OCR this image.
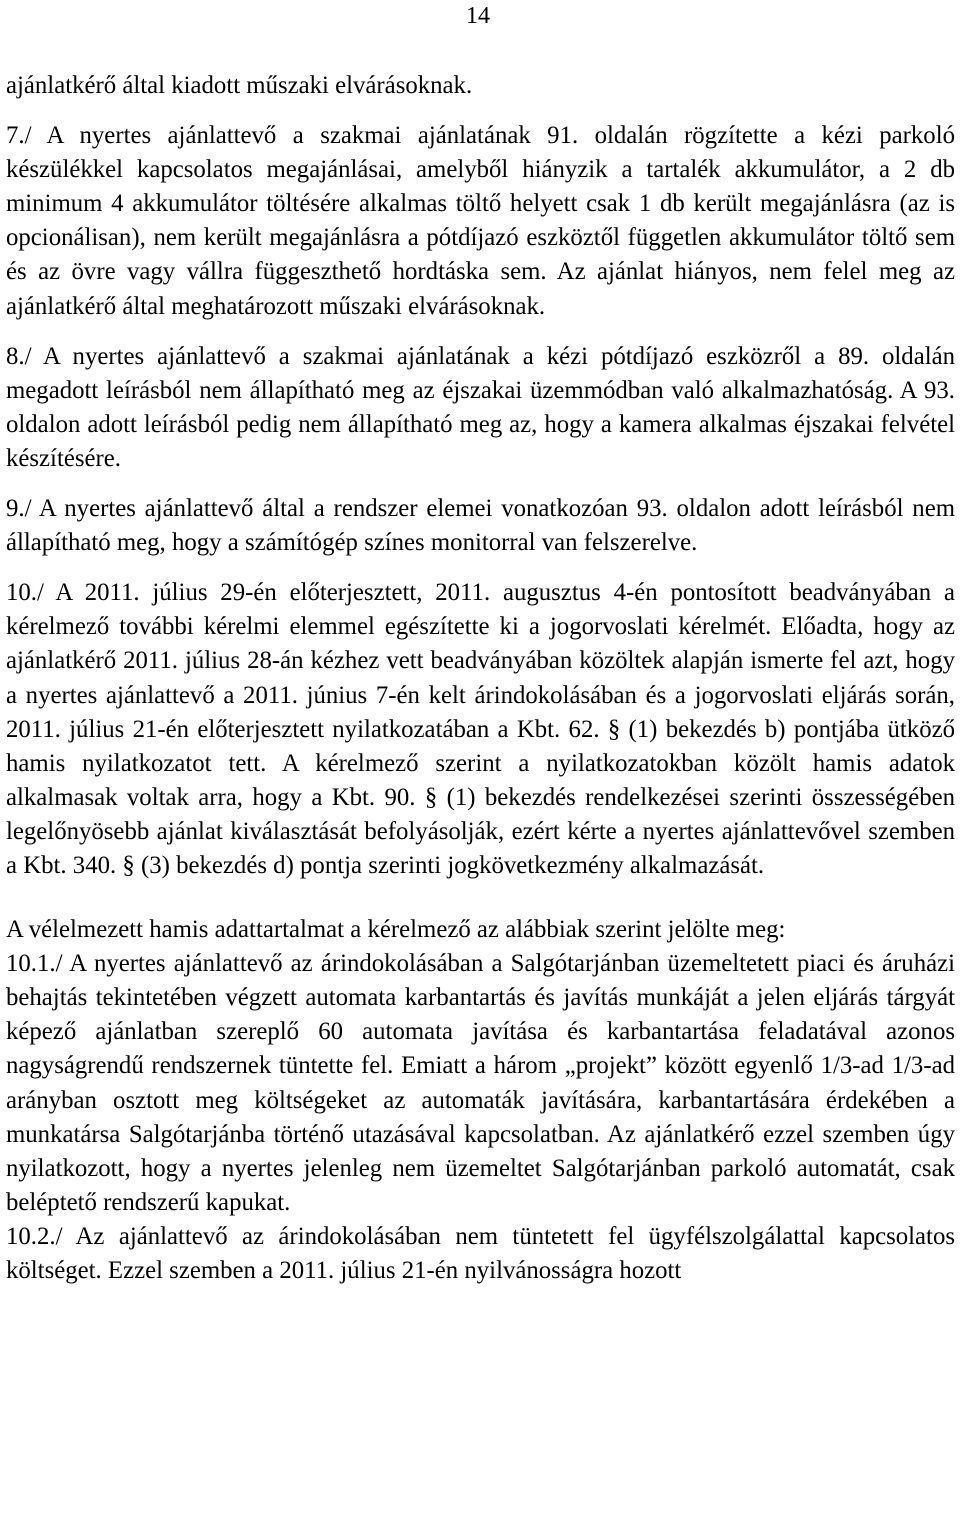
14

ajánlatkérő által kiadott műszaki elvárásoknak.

7./ A nyertes ajánlattevő a szakmai ajánlatának 91. oldalán rögzítette a kézi parkoló készülékkel kapcsolatos megajánlásai, amelyből hiányzik a tartalék akkumulátor, a 2 db minimum 4 akkumulátor töltésére alkalmas töltő helyett csak 1 db került megajánlásra (az is opcionálisan), nem került megajánlásra a pótdíjazó eszköztől független akkumulátor töltő sem és az övre vagy vállra függeszthető hordtáska sem. Az ajánlat hiányos, nem felel meg az ajánlatkérő által meghatározott műszaki elvárásoknak.

8./ A nyertes ajánlattevő a szakmai ajánlatának a kézi pótdíjazó eszközről a 89. oldalán megadott leírásból nem állapítható meg az éjszakai üzemmódban való alkalmazhatóság. A 93. oldalon adott leírásból pedig nem állapítható meg az, hogy a kamera alkalmas éjszakai felvétel készítésére.

9./ A nyertes ajánlattevő által a rendszer elemei vonatkozóan 93. oldalon adott leírásból nem állapítható meg, hogy a számítógép színes monitorral van felszerelve.

10./ A 2011. július 29-én előterjesztett, 2011. augusztus 4-én pontosított beadványában a kérelmező további kérelmi elemmel egészítette ki a jogorvoslati kérelmét. Előadta, hogy az ajánlatkérő 2011. július 28-án kézhez vett beadványában közöltek alapján ismerte fel azt, hogy a nyertes ajánlattevő a 2011. június 7-én kelt árindokolásában és a jogorvoslati eljárás során, 2011. július 21-én előterjesztett nyilatkozatában a Kbt. 62. § (1) bekezdés b) pontjába ütköző hamis nyilatkozatot tett. A kérelmező szerint a nyilatkozatokban közölt hamis adatok alkalmasak voltak arra, hogy a Kbt. 90. § (1) bekezdés rendelkezései szerinti összességében legelőnyösebb ajánlat kiválasztását befolyásolják, ezért kérte a nyertes ajánlattevővel szemben a Kbt. 340. § (3) bekezdés d) pontja szerinti jogkövetkezmény alkalmazását.

A vélelmezett hamis adattartalmat a kérelmező az alábbiak szerint jelölte meg:

10.1./ A nyertes ajánlattevő az árindokolásában a Salgótarjánban üzemeltetett piaci és áruházi behajtás tekintetében végzett automata karbantartás és javítás munkáját a jelen eljárás tárgyát képező ajánlatban szereplő 60 automata javítása és karbantartása feladatával azonos nagyságrendű rendszernek tüntette fel. Emiatt a három „projekt” között egyenlő 1/3-ad 1/3-ad arányban osztott meg költségeket az automaták javítására, karbantartására érdekében a munkatársa Salgótarjánba történő utazásával kapcsolatban. Az ajánlatkérő ezzel szemben úgy nyilatkozott, hogy a nyertes jelenleg nem üzemeltet Salgótarjánban parkoló automatát, csak beléptető rendszerű kapukat.

10.2./ Az ajánlattevő az árindokolásában nem tüntetett fel ügyfélszolgálattal kapcsolatos költséget. Ezzel szemben a 2011. július 21-én nyilvánosságra hozott
